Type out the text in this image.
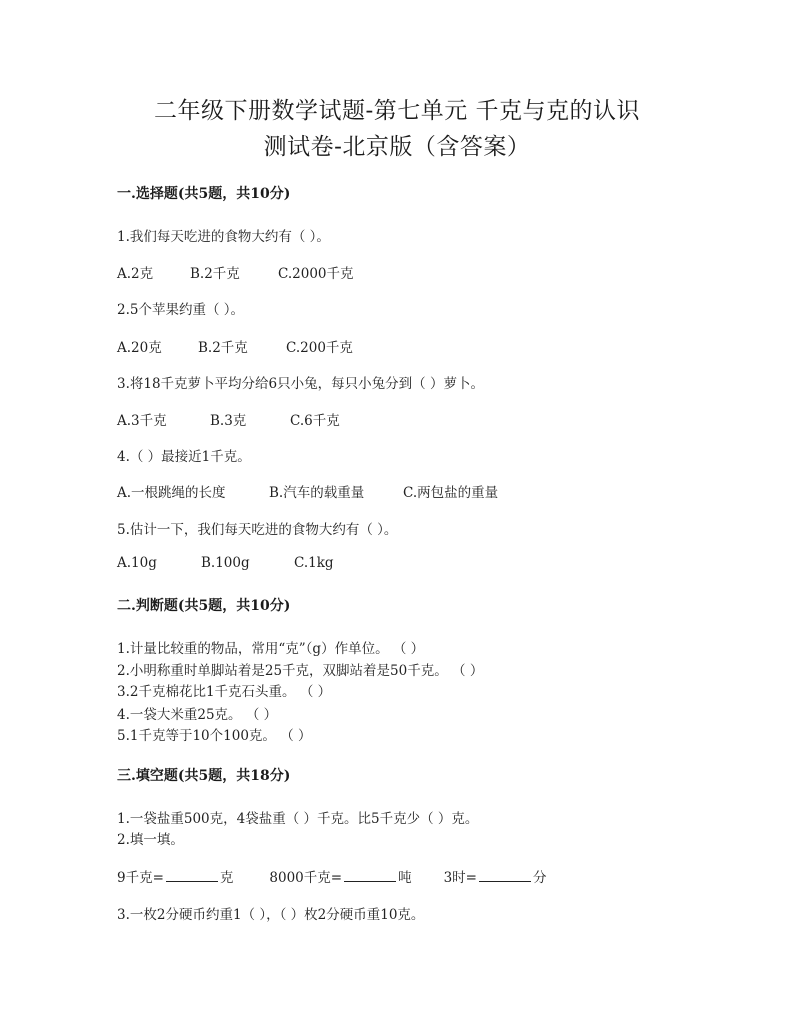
二年级下册数学试题-第七单元 千克与克的认识
测试卷-北京版（含答案）
一.选择题(共5题，共10分)
1.我们每天吃进的食物大约有（ ）。
A.2克	B.2千克	C.2000千克
2.5个苹果约重（ ）。
A.20克	B.2千克	C.200千克
3.将18千克萝卜平均分给6只小兔，每只小兔分到（ ）萝卜。
A.3千克	B.3克	C.6千克
4.（ ）最接近1千克。
A.一根跳绳的长度	B.汽车的载重量	C.两包盐的重量
5.估计一下，我们每天吃进的食物大约有（ ）。
A.10g	B.100g	C.1kg
二.判断题(共5题，共10分)
1.计量比较重的物品，常用“克”（g）作单位。 （ ）
2.小明称重时单脚站着是25千克，双脚站着是50千克。 （ ）
3.2千克棉花比1千克石头重。 （ ）
4.一袋大米重25克。 （ ）
5.1千克等于10个100克。 （ ）
三.填空题(共5题，共18分)
1.一袋盐重500克，4袋盐重（ ）千克。比5千克少（ ）克。
2.填一填。
9千克=	克	8000千克=	吨 3时=	分
3.一枚2分硬币约重1（ ），（ ）枚2分硬币重10克。
